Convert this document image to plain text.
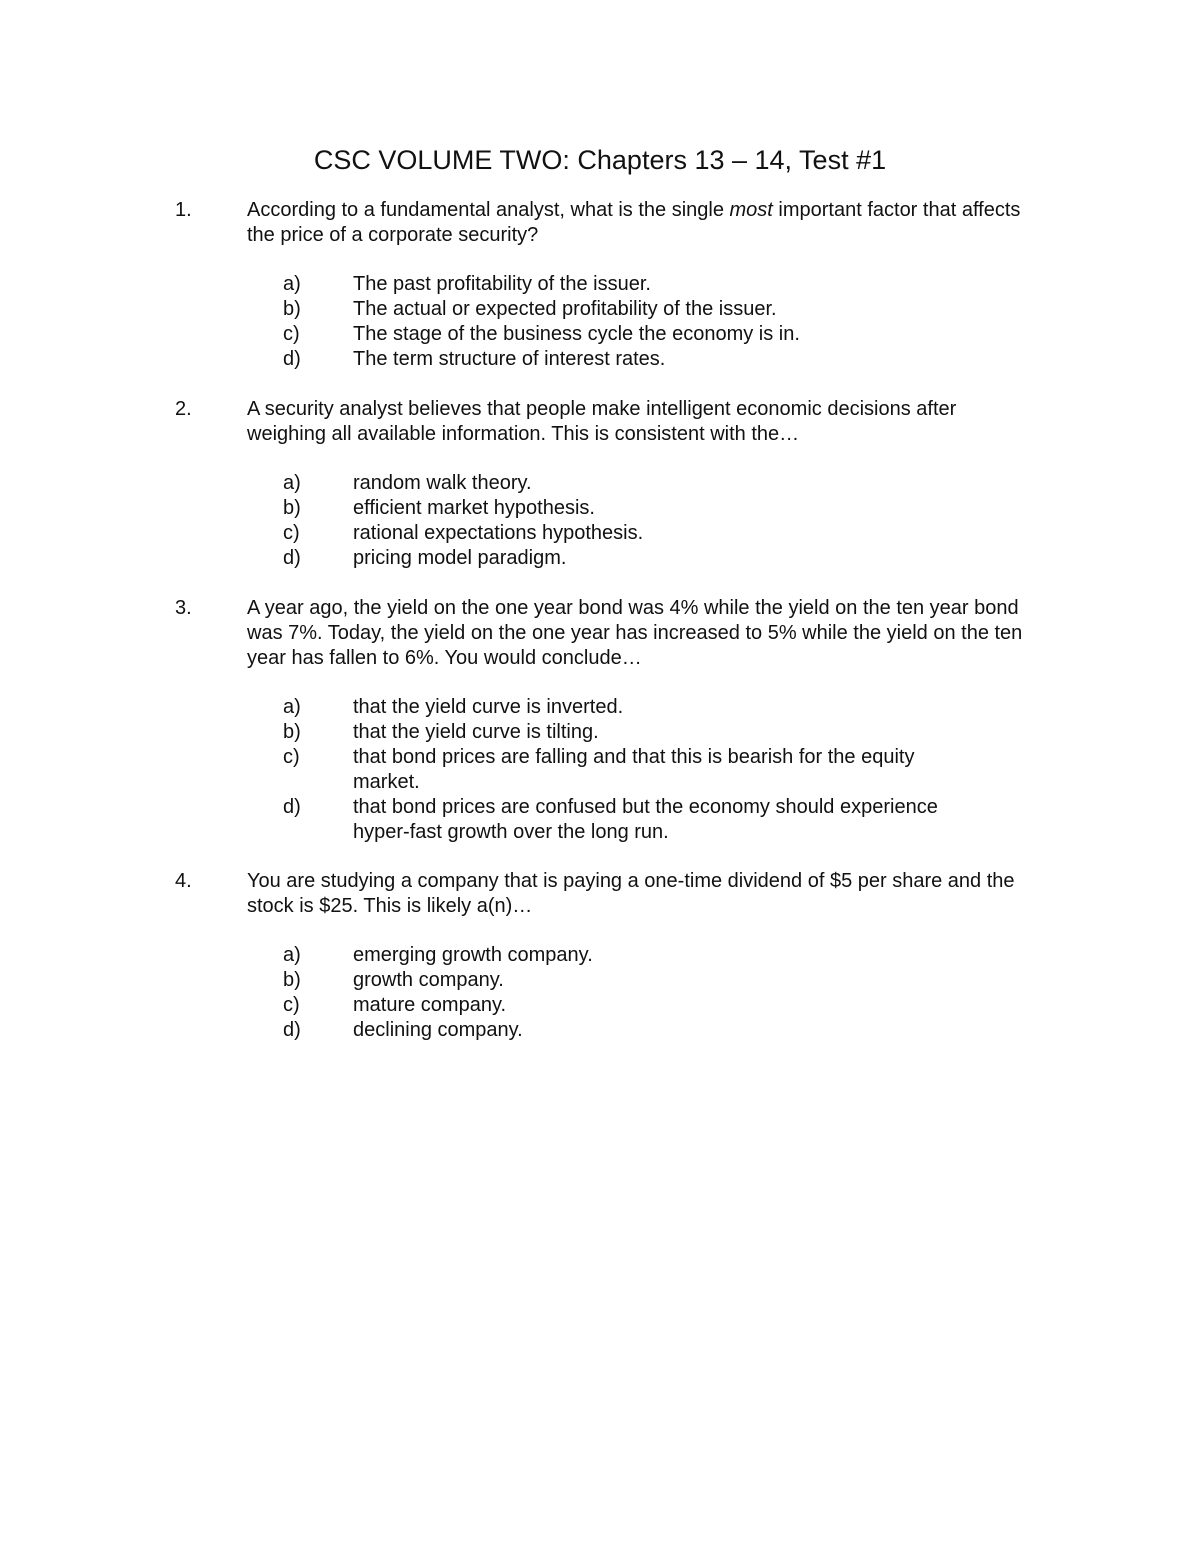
CSC VOLUME TWO: Chapters 13 – 14, Test #1
1.	According to a fundamental analyst, what is the single most important factor that affects the price of a corporate security?

a)	The past profitability of the issuer.
b)	The actual or expected profitability of the issuer.
c)	The stage of the business cycle the economy is in.
d)	The term structure of interest rates.
2.	A security analyst believes that people make intelligent economic decisions after weighing all available information. This is consistent with the…

a)	random walk theory.
b)	efficient market hypothesis.
c)	rational expectations hypothesis.
d)	pricing model paradigm.
3.	A year ago, the yield on the one year bond was 4% while the yield on the ten year bond was 7%. Today, the yield on the one year has increased to 5% while the yield on the ten year has fallen to 6%. You would conclude…

a)	that the yield curve is inverted.
b)	that the yield curve is tilting.
c)	that bond prices are falling and that this is bearish for the equity market.
d)	that bond prices are confused but the economy should experience hyper-fast growth over the long run.
4.	You are studying a company that is paying a one-time dividend of $5 per share and the stock is $25. This is likely a(n)…

a)	emerging growth company.
b)	growth company.
c)	mature company.
d)	declining company.
